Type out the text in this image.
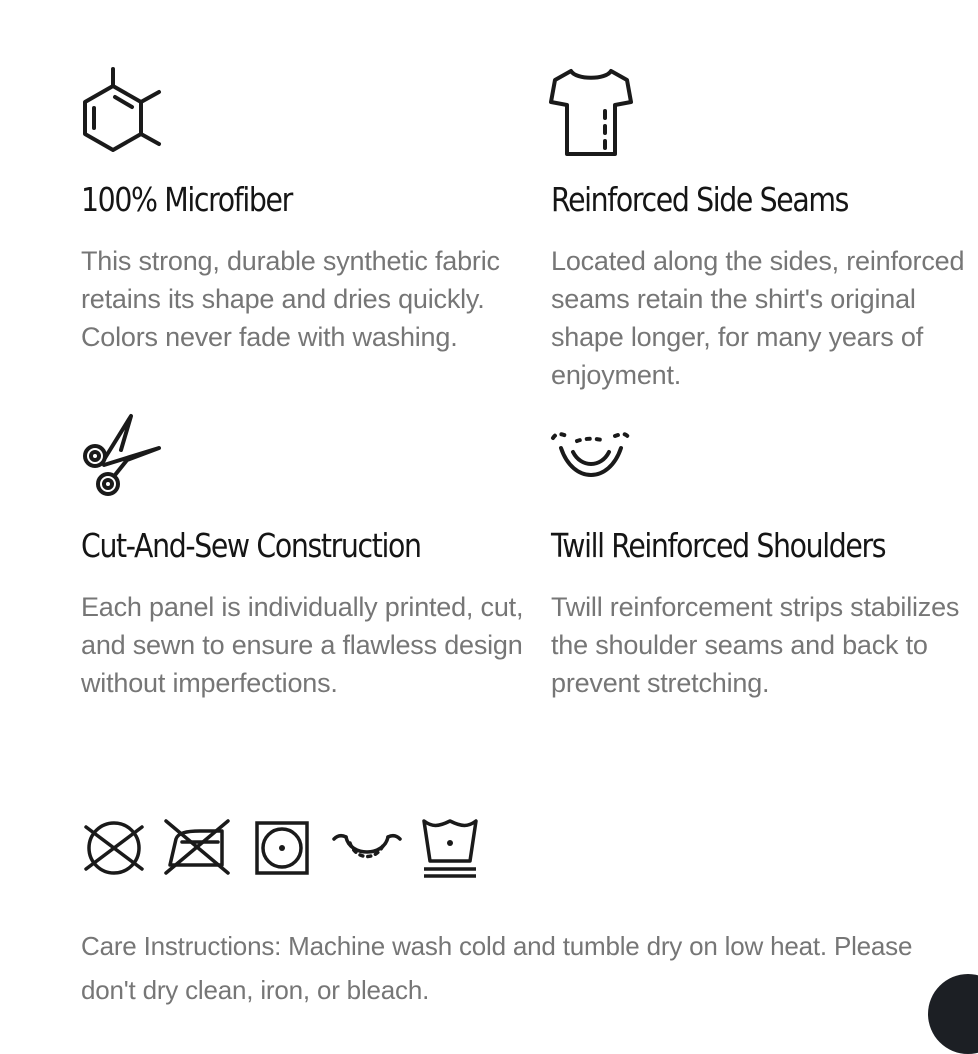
100% Microfiber

This strong, durable synthetic fabric retains its shape and dries quickly. Colors never fade with washing.

Reinforced Side Seams

Located along the sides, reinforced seams retain the shirt's original shape longer, for many years of enjoyment.

Cut-And-Sew Construction

Each panel is individually printed, cut, and sewn to ensure a flawless design without imperfections.

Twill Reinforced Shoulders

Twill reinforcement strips stabilizes the shoulder seams and back to prevent stretching.

Care Instructions: Machine wash cold and tumble dry on low heat. Please don't dry clean, iron, or bleach.
